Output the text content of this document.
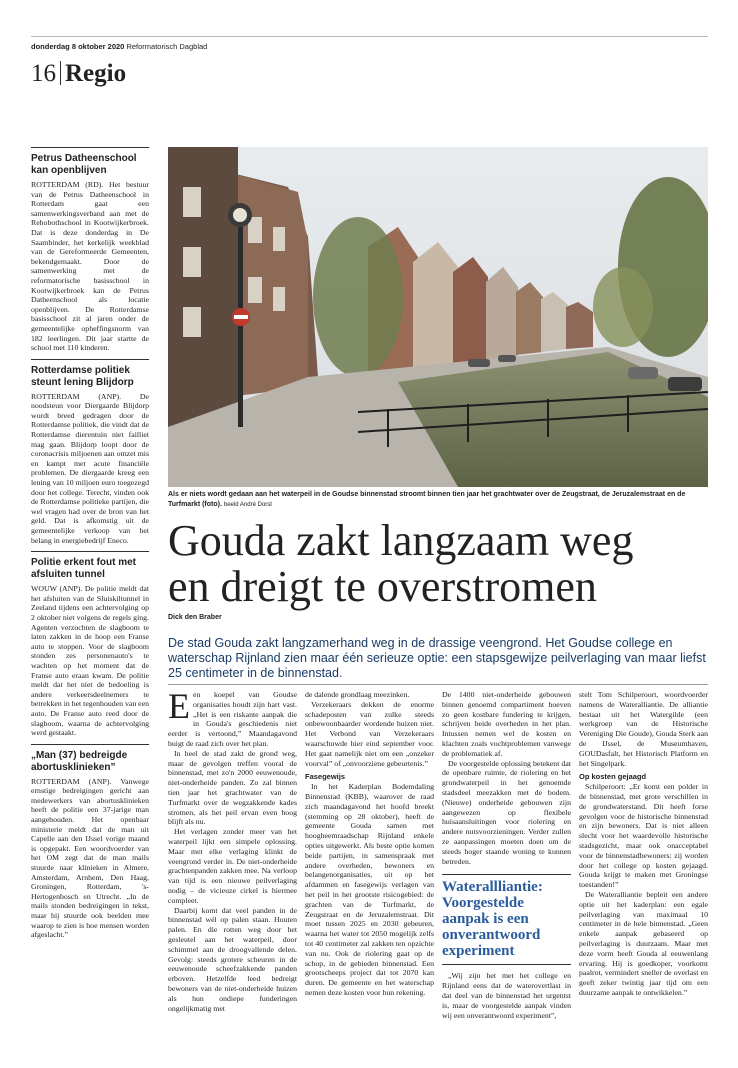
donderdag 8 oktober 2020 Reformatorisch Dagblad
16 Regio
Petrus Datheenschool kan openblijven
ROTTERDAM (RD). Het bestuur van de Petrus Datheenschool in Rotterdam gaat een samenwerkingsverband aan met de Rehobothschool in Kootwijkerbroek. Dat is deze donderdag in De Saambinder, het kerkelijk weekblad van de Gereformeerde Gemeenten, bekendgemaakt. Door de samenwerking met de reformatorische basisschool in Kootwijkerbroek kan de Petrus Datheenschool als locatie openblijven. De Rotterdamse basisschool zit al jaren onder de gemeentelijke opheffingsnorm van 182 leerlingen. Dit jaar startte de school met 110 kinderen.
Rotterdamse politiek steunt lening Blijdorp
ROTTERDAM (ANP). De noodsteun voor Diergaarde Blijdorp wordt breed gedragen door de Rotterdamse politiek, die vindt dat de Rotterdamse dierentuin niet failliet mag gaan. Blijdorp loopt door de coronacrisis miljoenen aan omzet mis en kampt met acute financiële problemen. De diergaarde kreeg een lening van 10 miljoen euro toegezegd door het college. Terecht, vinden ook de Rotterdamse politieke partijen, die wel vragen had over de bron van het geld. Dat is afkomstig uit de gemeentelijke verkoop van het belang in energiebedrijf Eneco.
Politie erkent fout met afsluiten tunnel
WOUW (ANP). De politie meldt dat het afsluiten van de Sluiskiltunnel in Zeeland tijdens een achtervolging op 2 oktober niet volgens de regels ging. Agenten verzochten de slagboom te laten zakken in de hoop een Franse auto te stoppen. Voor de slagboom stonden zes personenauto's te wachten op het moment dat de Franse auto eraan kwam. De politie meldt dat het niet de bedoeling is andere verkeersdeelnemers te betrekken in het tegenhouden van een auto. De Franse auto reed door de slagboom, waarna de achtervolging werd gestaakt.
„Man (37) bedreigde abortusklinieken”
ROTTERDAM (ANP). Vanwege ernstige bedreigingen gericht aan medewerkers van abortusklinieken heeft de politie een 37-jarige man aangehouden. Het openbaar ministerie meldt dat de man uit Capelle aan den IJssel vorige maand is opgepakt. Een woordvoerder van het OM zegt dat de man mails stuurde naar klinieken in Almere, Amsterdam, Arnhem, Den Haag, Groningen, Rotterdam, 's-Hertogenbosch en Utrecht. „In de mails stonden bedreigingen in tekst, maar hij stuurde ook beelden mee waarop te zien is hoe mensen worden afgeslacht.”
Als er niets wordt gedaan aan het waterpeil in de Goudse binnenstad stroomt binnen tien jaar het grachtwater over de Zeugstraat, de Jeruzalemstraat en de Turfmarkt (foto). beeld André Dorst
Gouda zakt langzaam weg
en dreigt te overstromen
Dick den Braber
De stad Gouda zakt langzamerhand weg in de drassige veengrond. Het Goudse college en waterschap Rijnland zien maar één serieuze optie: een stapsgewijze peilverlaging van maar liefst 25 centimeter in de binnenstad.

Een koepel van Goudse organisaties houdt zijn hart vast. „Het is een riskante aanpak die in Gouda's geschiedenis niet eerder is vertoond,” Maandagavond buigt de raad zich over het plan.

In heel de stad zakt de grond weg, maar de gevolgen treffen vooral de binnenstad, met zo'n 2000 eeuwenoude, niet-onderheide panden. Zo zal binnen tien jaar het grachtwater van de Turfmarkt over de wegzakkende kades stromen, als het peil ervan even hoog blijft als nu.

Het verlagen zonder meer van het waterpeil lijkt een simpele oplossing. Maar met elke verlaging klinkt de veengrond verder in. De niet-onderheide grachtenpanden zakken mee. Na verloop van tijd is een nieuwe peilverlaging nodig – de vicieuze cirkel is hiermee compleet.

Daarbij komt dat veel panden in de binnenstad wél op palen staan. Houten palen. En die rotten weg door het gesleutel aan het waterpeil, door schimmel aan de droogvallende delen. Gevolg: steeds grotere scheuren in de eeuwenoude scheefzakkende panden erboven. Hetzelfde leed bedreigt bewoners van de niet-onderheide huizen als hun ondiepe funderingen ongelijkmatig met

de dalende grondlaag meezinken.

Verzekeraars dekken de enorme schadeposten van zulke steeds onbewoonbaarder wordende huizen niet. Het Verbond van Verzekeraars waarschuwde hier eind september voor. Het gaat namelijk niet om een „onzeker voorval” of „onvoorziene gebeurtenis.”

Fasegewijs

In het Kaderplan Bodemdaling Binnenstad (KBB), waarover de raad zich maandagavond het hoofd breekt (stemming op 28 oktober), heeft de gemeente Gouda samen met hoogheemraadschap Rijnland enkele opties uitgewerkt. Als beste optie komen beide partijen, in samenspraak met andere overheden, bewoners en belangenorganisaties, uit op het afdammen en fasegewijs verlagen van het peil in het grootste risicogebied: de grachten van de Turfmarkt, de Zeugstraat en de Jeruzalemstraat. Dit moet tussen 2025 en 2030 gebeuren, waarna het water tot 2050 mogelijk zelfs tot 40 centimeter zal zakken ten opzichte van nu. Ook de riolering gaat op de schop, in de gebieden binnenstad. Een grootscheeps project dat tot 2070 kan duren. De gemeente en het waterschap nemen deze kosten voor hun rekening.

De 1400 niet-onderheide gebouwen binnen genoemd compartiment hoeven zo geen kostbare fundering te krijgen, schrijven beide overheden in het plan. Intussen nemen wel de kosten en klachten zoals vochtproblemen vanwege de problematiek af.

De voorgestelde oplossing betekent dat de openbare ruimte, de riolering en het grondwaterpeil in het genoemde stadsdeel meezakken met de bodem. (Nieuwe) onderheide gebouwen zijn aangewezen op flexibele huisaansluitingen voor riolering en andere nutsvoorzieningen. Verder zullen ze aanpassingen moeten doen om de steeds hoger staande woning te kunnen betreden.

Waterallliantie: Voorgestelde aanpak is een onverantwoord experiment

„Wij zijn het met het college en Rijnland eens dat de waterovertlast in dat deel van de binnenstad het urgentst is, maar de voorgestelde aanpak vinden wij een onverantwoord experiment”,

stelt Tom Schilperoort, woordvoerder namens de Wateralliantie. De alliantie bestaat uit het Watergilde (een werkgroep van de Historische Vereniging Die Goude), Gouda Sterk aan de IJssel, de Museumhaven, GOUDasfalt, het Historisch Platform en het Singelpark.

Op kosten gejaagd

Schilperoort: „Er komt een polder in de binnenstad, met grote verschillen in de grondwaterstand. Dit heeft forse gevolgen voor de historische binnenstad en zijn bewoners. Dat is niet alleen slecht voor het waardevolle historische stadsgezicht, maar ook onacceptabel voor de binnenstadbewoners: zij worden door het college op kosten gejaagd. Gouda krijgt te maken met Groningse toestanden!”

De Wateralliantie bepleit een andere optie uit het kaderplan: een egale peilverlaging van maximaal 10 centimeter in de hele binnenstad. „Geen enkele aanpak gebaseerd op peilverlaging is duurzaam. Maar met deze vorm heeft Gouda al eeuwenlang ervaring. Hij is goedkoper, voorkomt paalrot, vermindert sneller de overlast en geeft zeker twintig jaar tijd om een duurzame aanpak te ontwikkelen.”
